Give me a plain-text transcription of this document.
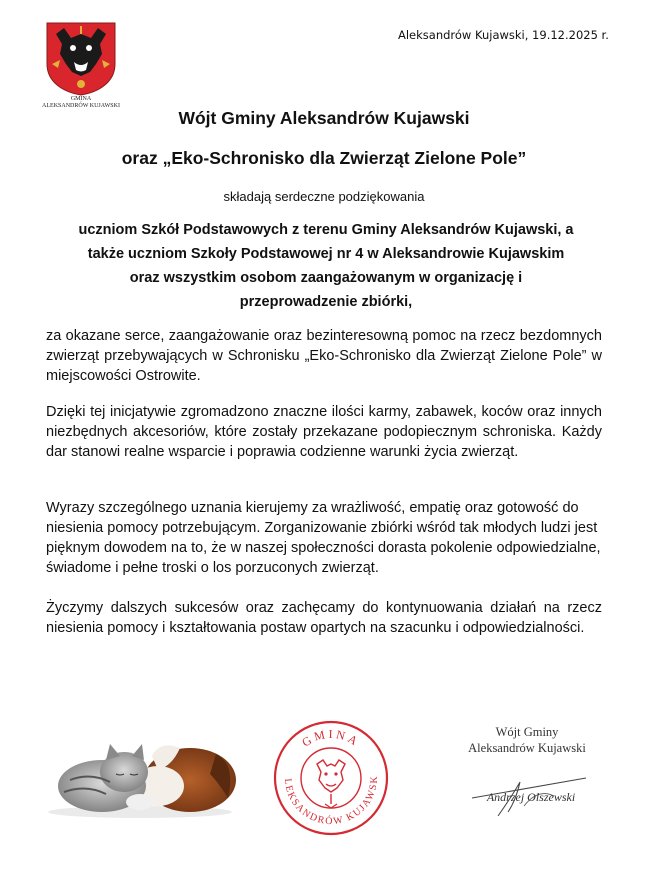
Aleksandrów Kujawski, 19.12.2025 r.
GMINA
ALEKSANDRÓW KUJAWSKI
Wójt Gminy Aleksandrów Kujawski
oraz „Eko-Schronisko dla Zwierząt Zielone Pole”
składają serdeczne podziękowania
uczniom Szkół Podstawowych z terenu Gminy Aleksandrów Kujawski, a także uczniom Szkoły Podstawowej nr 4 w Aleksandrowie Kujawskim oraz wszystkim osobom zaangażowanym w organizację i przeprowadzenie zbiórki,
za okazane serce, zaangażowanie oraz bezinteresowną pomoc na rzecz bezdomnych zwierząt przebywających w Schronisku „Eko-Schronisko dla Zwierząt Zielone Pole” w miejscowości Ostrowite.
Dzięki tej inicjatywie zgromadzono znaczne ilości karmy, zabawek, koców oraz innych niezbędnych akcesoriów, które zostały przekazane podopiecznym schroniska. Każdy dar stanowi realne wsparcie i poprawia codzienne warunki życia zwierząt.
Wyrazy szczególnego uznania kierujemy za wrażliwość, empatię oraz gotowość do niesienia pomocy potrzebującym. Zorganizowanie zbiórki wśród tak młodych ludzi jest pięknym dowodem na to, że w naszej społeczności dorasta pokolenie odpowiedzialne, świadome i pełne troski o los porzuconych zwierząt.
Życzymy dalszych sukcesów oraz zachęcamy do kontynuowania działań na rzecz niesienia pomocy i kształtowania postaw opartych na szacunku i odpowiedzialności.
GMINA
LEKSANDRÓW KUJAWSK
Wójt Gminy
Aleksandrów Kujawski
Andrzej Olszewski
